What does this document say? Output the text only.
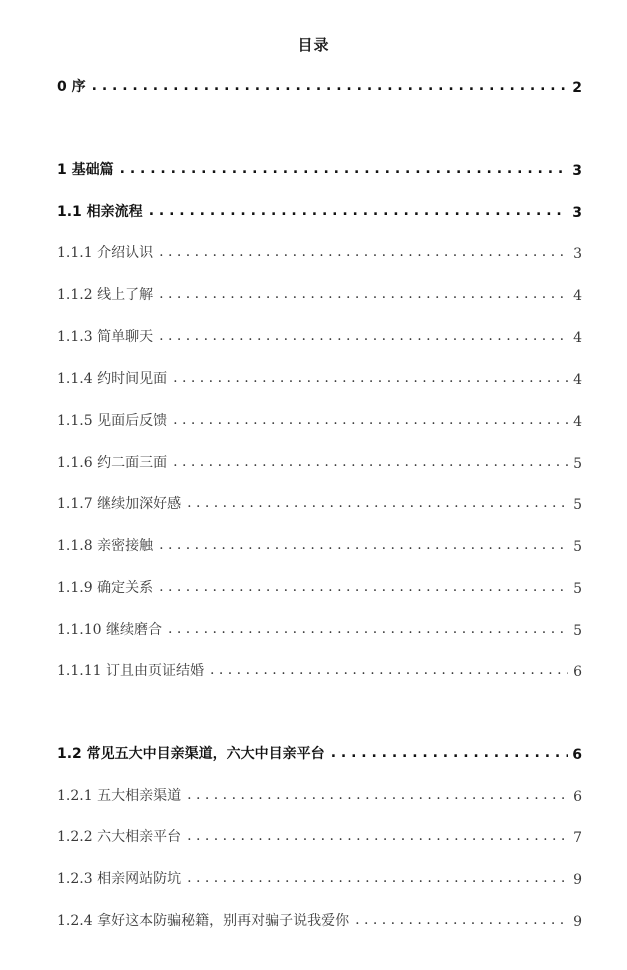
目录
0 序 . . .	2
1 基础篇 . . .	3
1.1 相亲流程 . . .	3
1.1.1 介绍认识 . . .	3
1.1.2 线上了解 . . .	4
1.1.3 简单聊天 . . .	4
1.1.4 约时间见面 . . .	4
1.1.5 见面后反馈 . . .	4
1.1.6 约二面三面 . . .	5
1.1.7 继续加深好感 . . .	5
1.1.8 亲密接触 . . .	5
1.1.9 确定关系 . . .	5
1.1.10 继续磨合 . . .	5
1.1.11 订且由页证结婚 . . .	6
1.2 常见五大中目亲渠道，六大中目亲平台 . . .	6
1.2.1 五大相亲渠道 . . .	6
1.2.2 六大相亲平台 . . .	7
1.2.3 相亲网站防坑 . . .	9
1.2.4 拿好这本防骗秘籍，别再对骗子说我爱你 . . .	9
